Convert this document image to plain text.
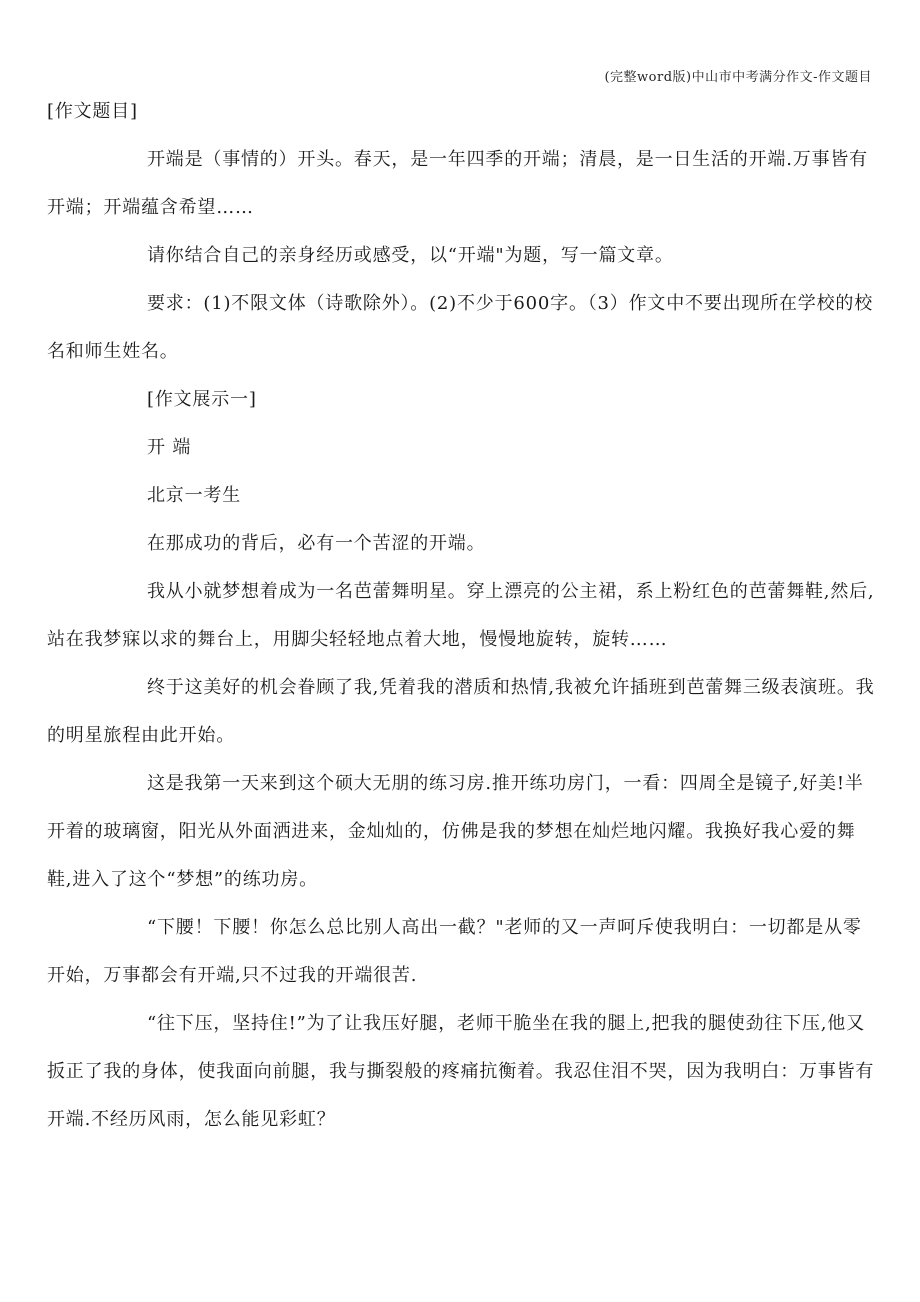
(完整word版)中山市中考满分作文-作文题目

[作文题目]

开端是（事情的）开头。春天，是一年四季的开端；清晨，是一日生活的开端.万事皆有开端；开端蕴含希望……

请你结合自己的亲身经历或感受，以“开端"为题，写一篇文章。

要求：(1)不限文体（诗歌除外）。(2)不少于600字。（3）作文中不要出现所在学校的校名和师生姓名。

[作文展示一]

开 端

北京一考生

在那成功的背后，必有一个苦涩的开端。

我从小就梦想着成为一名芭蕾舞明星。穿上漂亮的公主裙，系上粉红色的芭蕾舞鞋,然后,站在我梦寐以求的舞台上，用脚尖轻轻地点着大地，慢慢地旋转，旋转……

终于这美好的机会眷顾了我,凭着我的潜质和热情,我被允许插班到芭蕾舞三级表演班。我的明星旅程由此开始。

这是我第一天来到这个硕大无朋的练习房.推开练功房门，一看：四周全是镜子,好美!半开着的玻璃窗，阳光从外面洒进来，金灿灿的，仿佛是我的梦想在灿烂地闪耀。我换好我心爱的舞鞋,进入了这个“梦想”的练功房。

“下腰！下腰！你怎么总比别人高出一截？"老师的又一声呵斥使我明白：一切都是从零开始，万事都会有开端,只不过我的开端很苦.

“往下压，坚持住!”为了让我压好腿，老师干脆坐在我的腿上,把我的腿使劲往下压,他又扳正了我的身体，使我面向前腿，我与撕裂般的疼痛抗衡着。我忍住泪不哭，因为我明白：万事皆有开端.不经历风雨，怎么能见彩虹？
